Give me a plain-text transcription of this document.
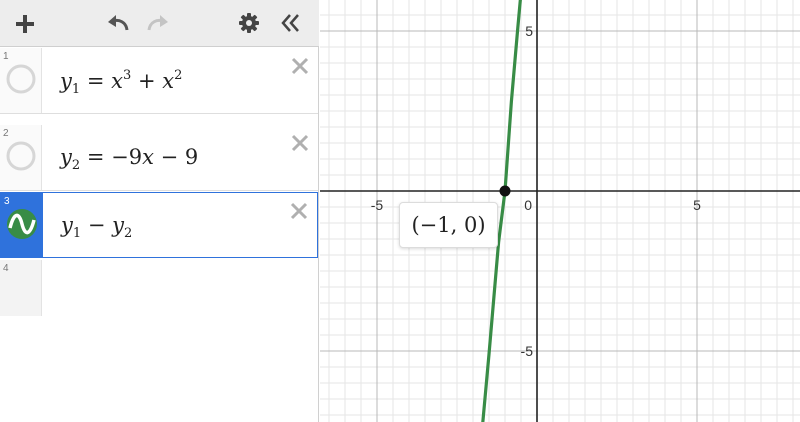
1
$y_1 = x^3 + x^2$
2
$y_2 = -9x - 9$
3
$y_1 - y_2$
4
-5	5
5
-5
0
(−1, 0)
